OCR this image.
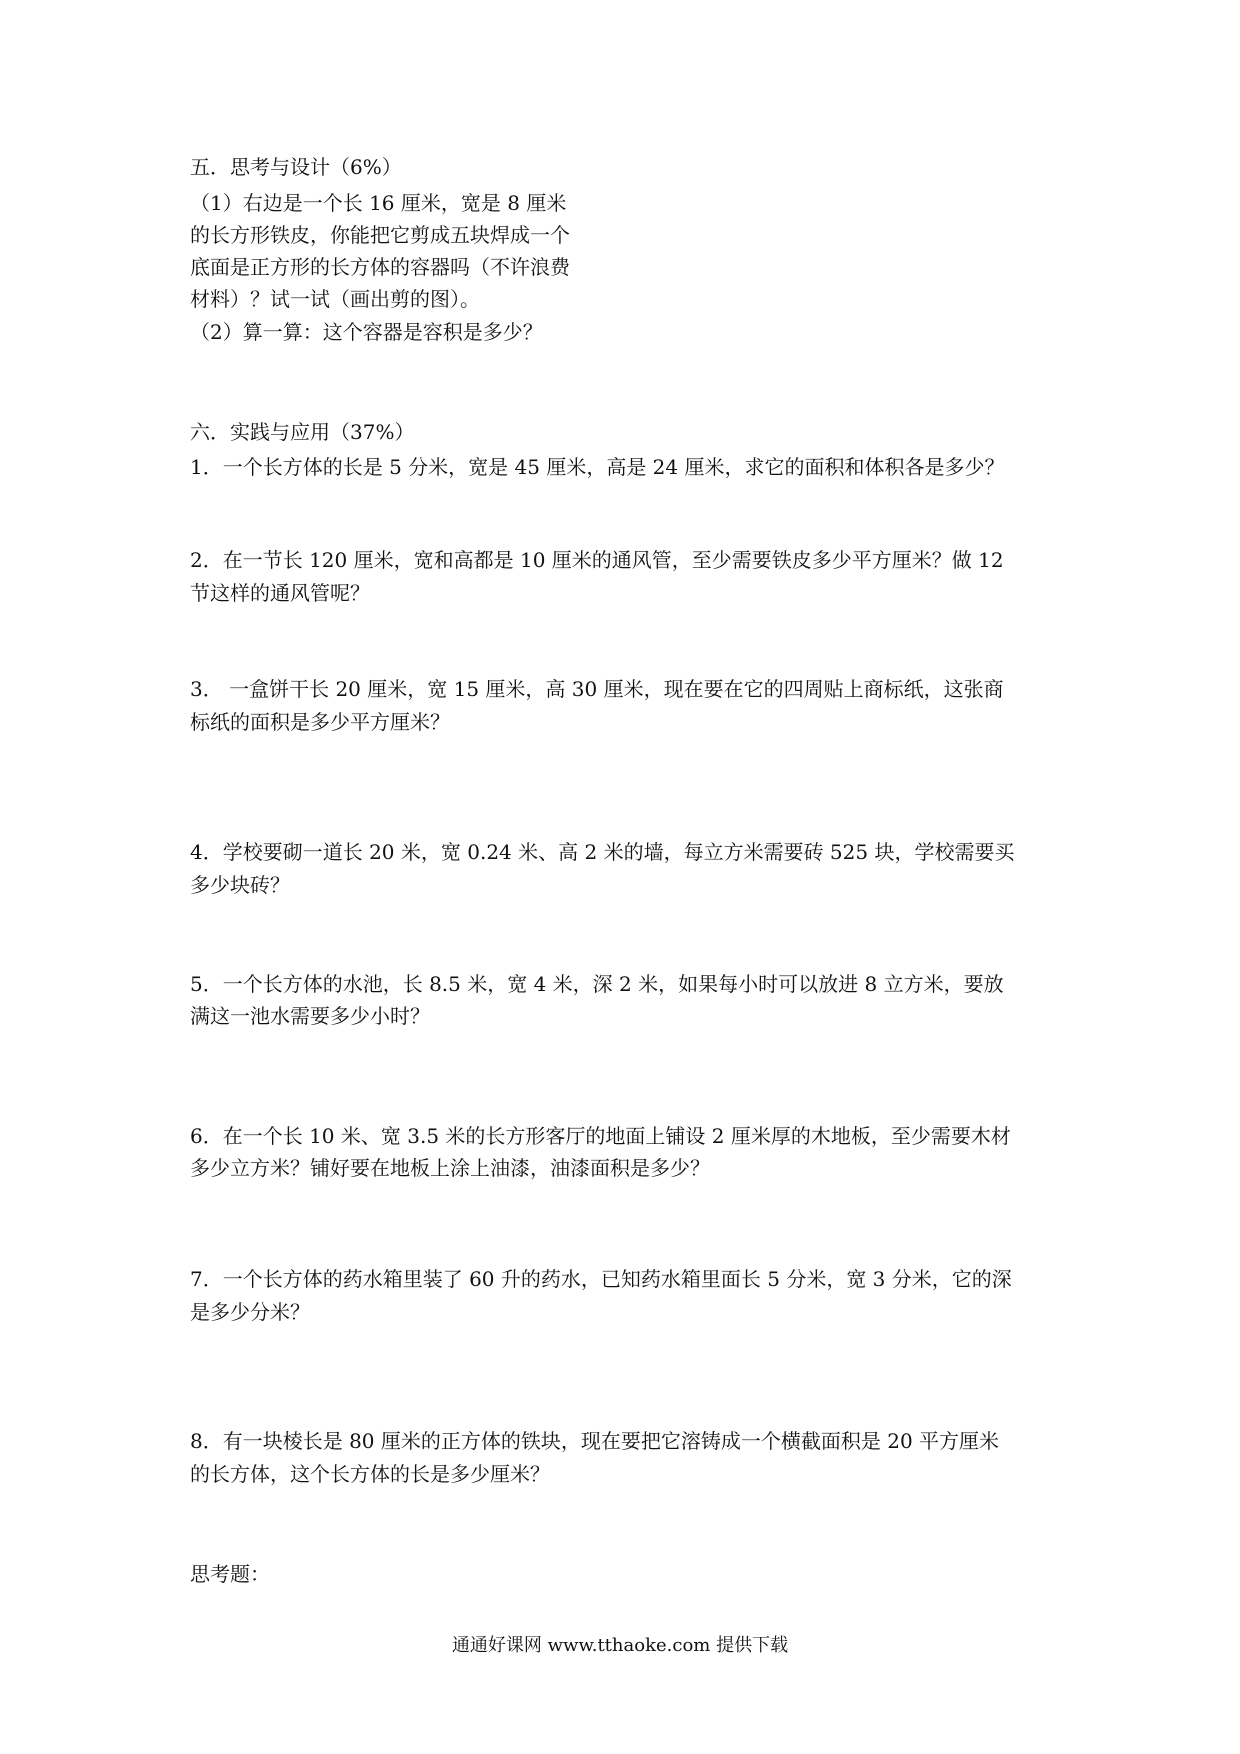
五．思考与设计（6%）
（1）右边是一个长 16 厘米，宽是 8 厘米
的长方形铁皮，你能把它剪成五块焊成一个
底面是正方形的长方体的容器吗（不许浪费
材料）？试一试（画出剪的图）。
（2）算一算：这个容器是容积是多少？
六．实践与应用（37%）
1．一个长方体的长是 5 分米，宽是 45 厘米，高是 24 厘米，求它的面积和体积各是多少？
2．在一节长 120 厘米，宽和高都是 10 厘米的通风管，至少需要铁皮多少平方厘米？做 12
节这样的通风管呢？
3． 一盒饼干长 20 厘米，宽 15 厘米，高 30 厘米，现在要在它的四周贴上商标纸，这张商
标纸的面积是多少平方厘米？
4．学校要砌一道长 20 米，宽 0.24 米、高 2 米的墙，每立方米需要砖 525 块，学校需要买
多少块砖？
5．一个长方体的水池，长 8.5 米，宽 4 米，深 2 米，如果每小时可以放进 8 立方米，要放
满这一池水需要多少小时？
6．在一个长 10 米、宽 3.5 米的长方形客厅的地面上铺设 2 厘米厚的木地板，至少需要木材
多少立方米？铺好要在地板上涂上油漆，油漆面积是多少？
7．一个长方体的药水箱里装了 60 升的药水，已知药水箱里面长 5 分米，宽 3 分米，它的深
是多少分米？
8．有一块棱长是 80 厘米的正方体的铁块，现在要把它溶铸成一个横截面积是 20 平方厘米
的长方体，这个长方体的长是多少厘米？
思考题：
通通好课网 www.tthaoke.com 提供下载
